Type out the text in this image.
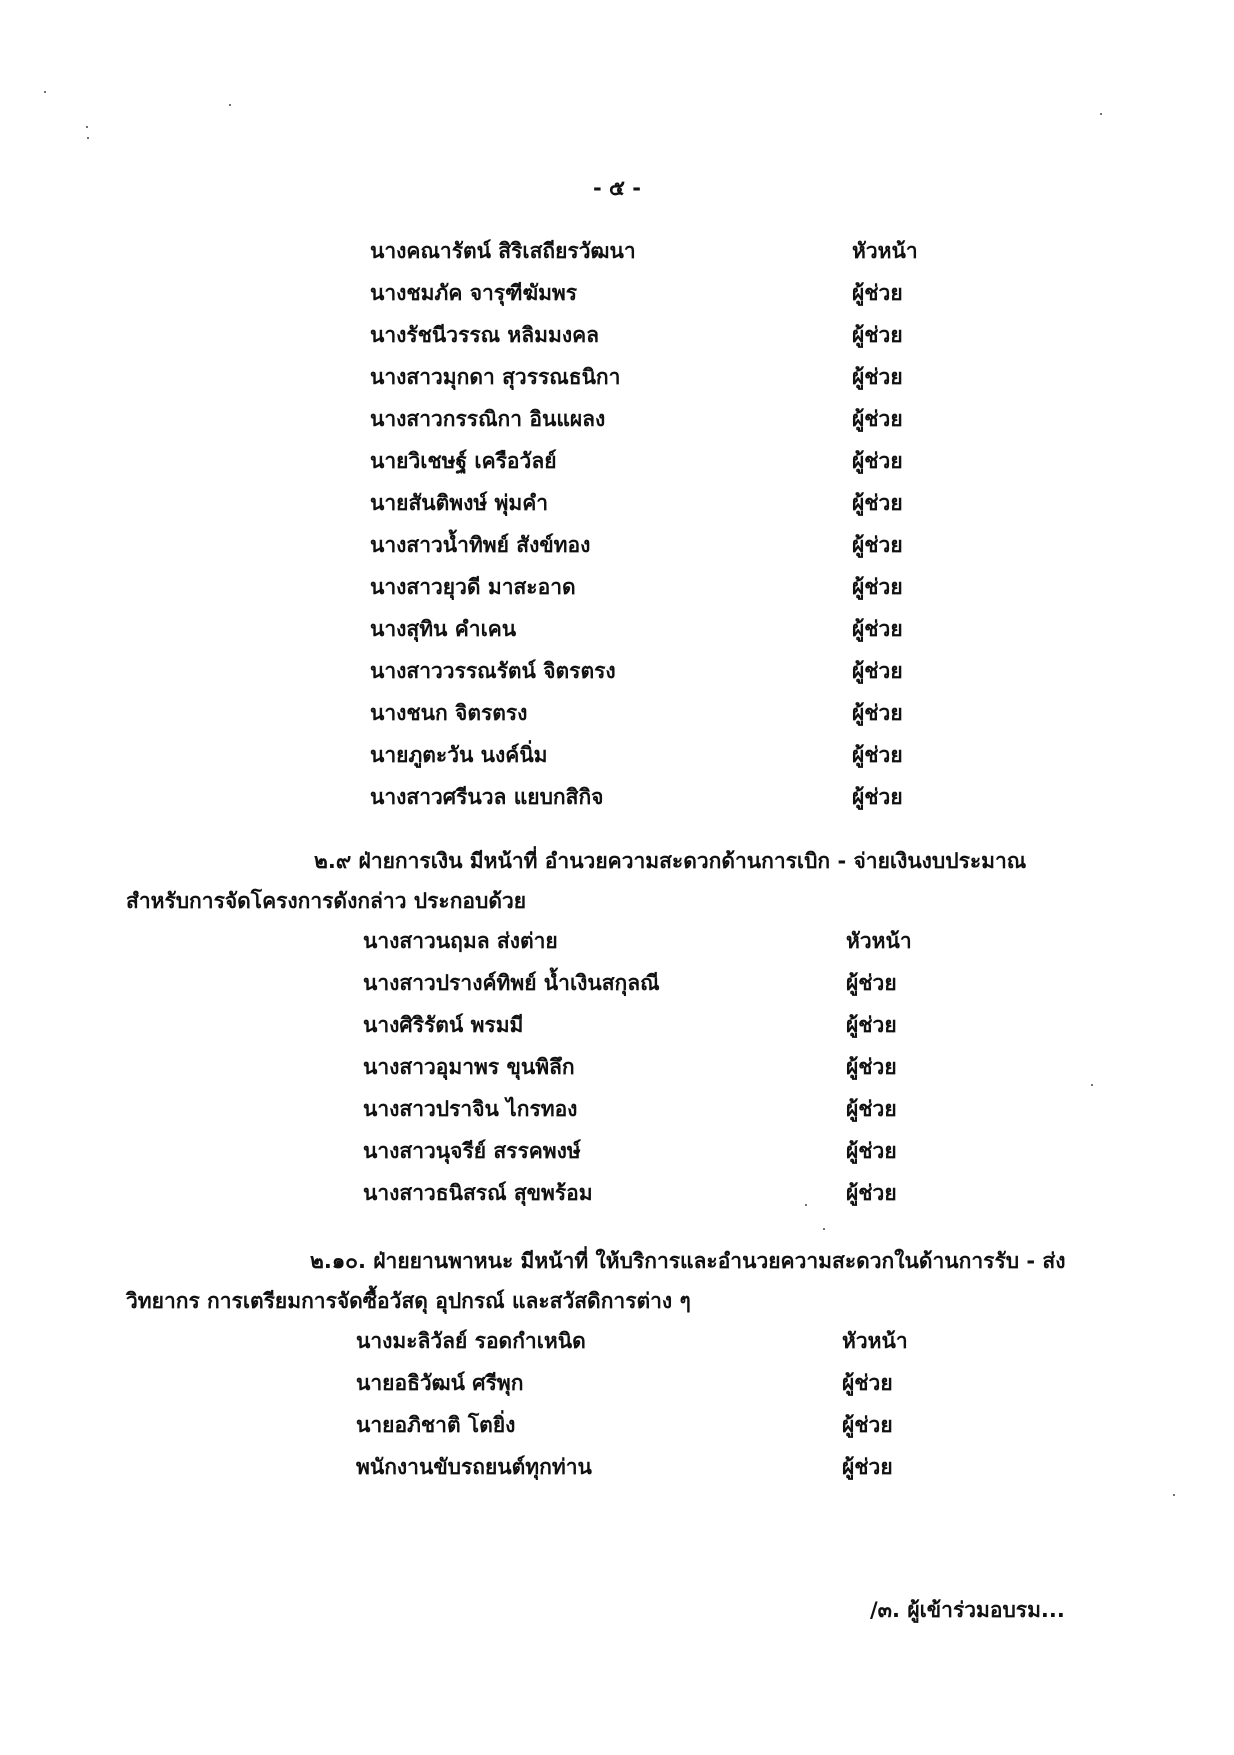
- ๕ -
นางคณารัตน์ สิริเสถียรวัฒนา	หัวหน้า
นางชมภัค จารุฑีฆัมพร	ผู้ช่วย
นางรัชนีวรรณ หลิมมงคล	ผู้ช่วย
นางสาวมุกดา สุวรรณธนิกา	ผู้ช่วย
นางสาวกรรณิกา อินแผลง	ผู้ช่วย
นายวิเชษฐ์ เครือวัลย์	ผู้ช่วย
นายสันติพงษ์ พุ่มคำ	ผู้ช่วย
นางสาวน้ำทิพย์ สังข์ทอง	ผู้ช่วย
นางสาวยุวดี มาสะอาด	ผู้ช่วย
นางสุทิน คำเคน	ผู้ช่วย
นางสาววรรณรัตน์ จิตรตรง	ผู้ช่วย
นางชนก จิตรตรง	ผู้ช่วย
นายภูตะวัน นงค์นิ่ม	ผู้ช่วย
นางสาวศรีนวล แยบกสิกิจ	ผู้ช่วย
๒.๙ ฝ่ายการเงิน มีหน้าที่ อำนวยความสะดวกด้านการเบิก - จ่ายเงินงบประมาณ
สำหรับการจัดโครงการดังกล่าว ประกอบด้วย
นางสาวนฤมล ส่งต่าย	หัวหน้า
นางสาวปรางค์ทิพย์ น้ำเงินสกุลณี	ผู้ช่วย
นางศิริรัตน์ พรมมี	ผู้ช่วย
นางสาวอุมาพร ขุนพิลึก	ผู้ช่วย
นางสาวปราจิน ไกรทอง	ผู้ช่วย
นางสาวนุจรีย์ สรรคพงษ์	ผู้ช่วย
นางสาวธนิสรณ์ สุขพร้อม	ผู้ช่วย
๒.๑๐. ฝ่ายยานพาหนะ มีหน้าที่ ให้บริการและอำนวยความสะดวกในด้านการรับ - ส่ง
วิทยากร การเตรียมการจัดซื้อวัสดุ อุปกรณ์ และสวัสดิการต่าง ๆ
นางมะลิวัลย์ รอดกำเหนิด	หัวหน้า
นายอธิวัฒน์ ศรีพุก	ผู้ช่วย
นายอภิชาติ โตยิ่ง	ผู้ช่วย
พนักงานขับรถยนต์ทุกท่าน	ผู้ช่วย
/๓. ผู้เข้าร่วมอบรม...
